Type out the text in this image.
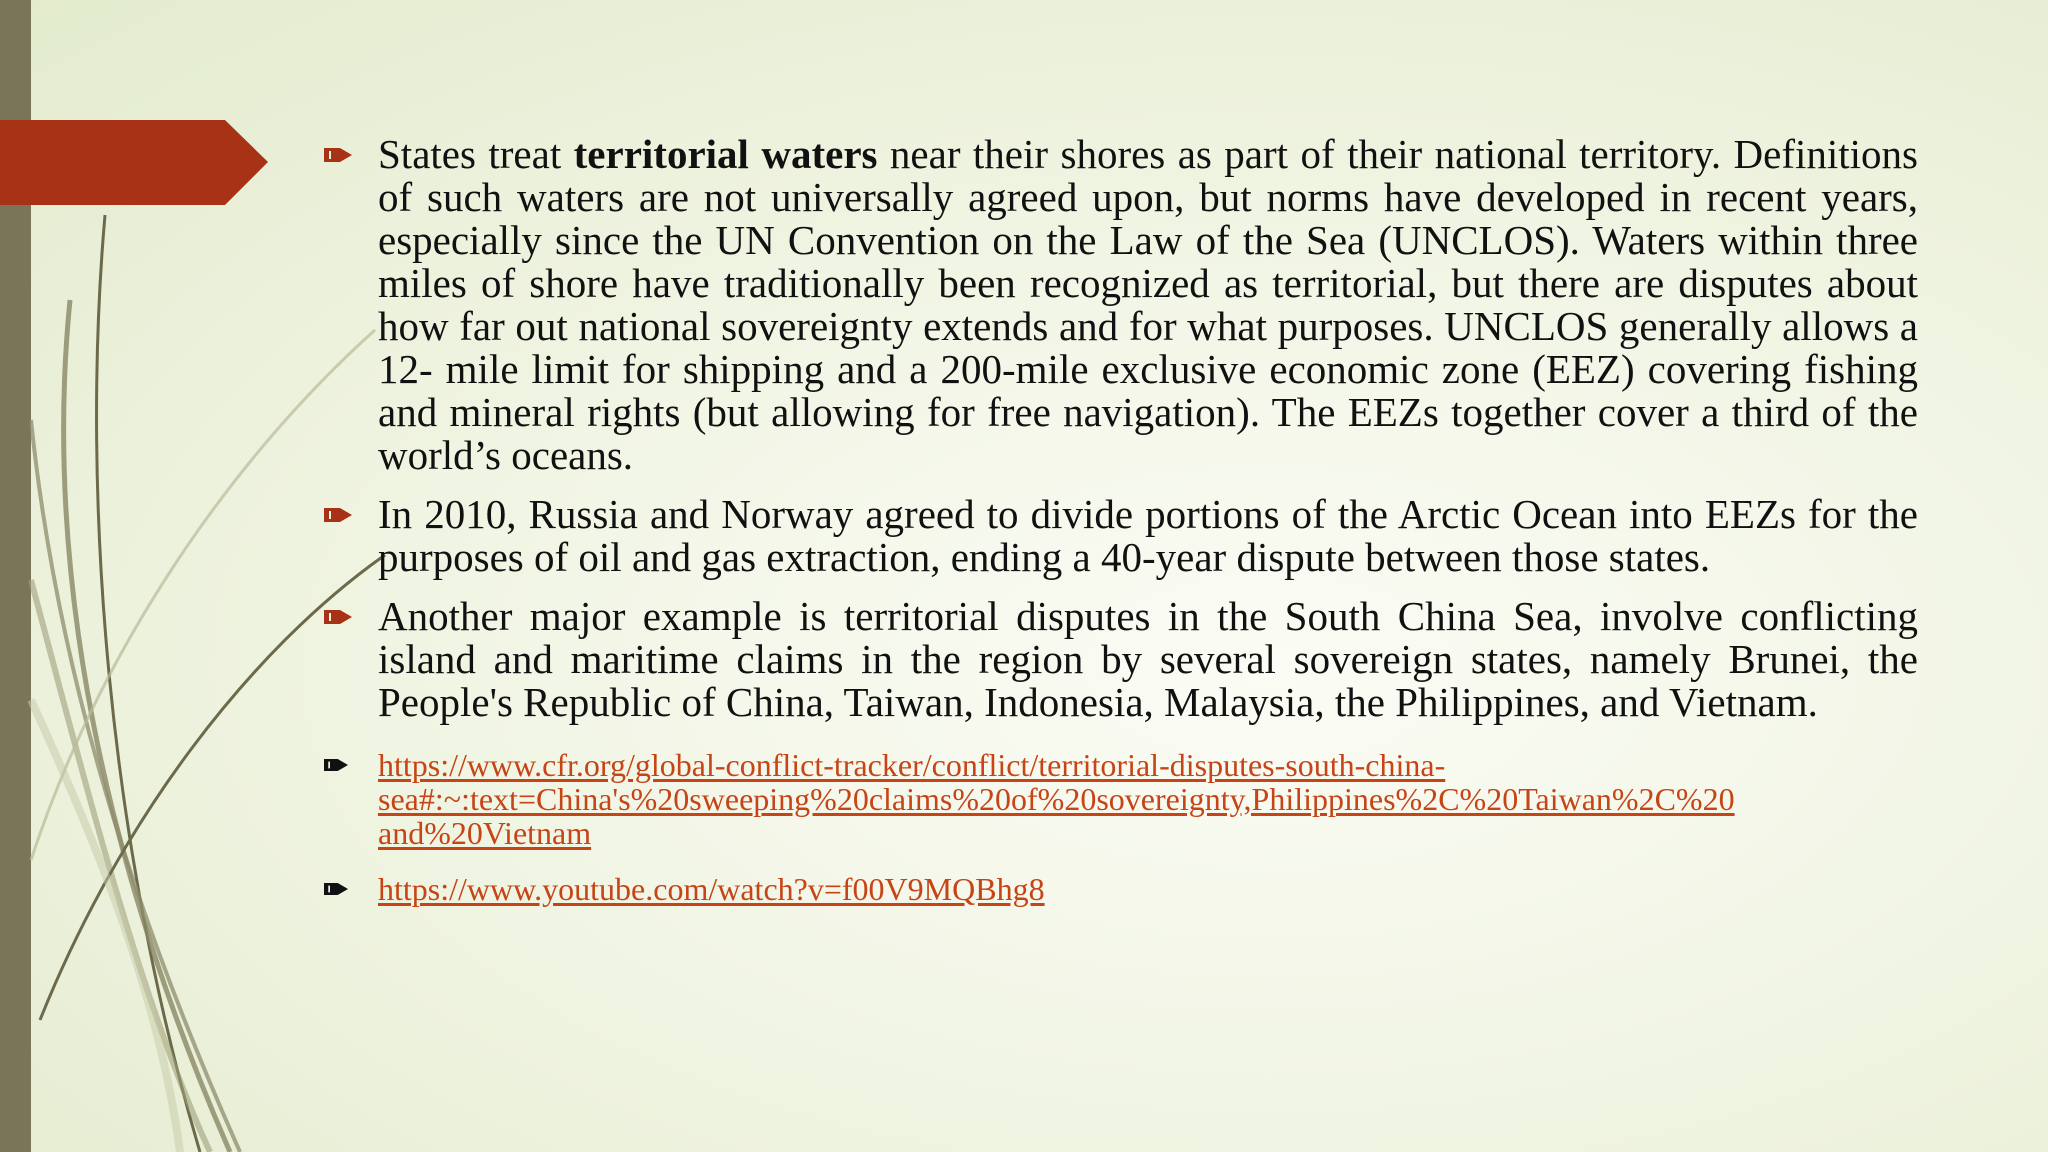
States treat territorial waters near their shores as part of their national territory. Definitions of such waters are not universally agreed upon, but norms have developed in recent years, especially since the UN Convention on the Law of the Sea (UNCLOS). Waters within three miles of shore have traditionally been recognized as territorial, but there are disputes about how far out national sovereignty extends and for what purposes. UNCLOS generally allows a 12- mile limit for shipping and a 200-mile exclusive economic zone (EEZ) covering fishing and mineral rights (but allowing for free navigation). The EEZs together cover a third of the world’s oceans.
In 2010, Russia and Norway agreed to divide portions of the Arctic Ocean into EEZs for the purposes of oil and gas extraction, ending a 40-year dispute between those states.
Another major example is territorial disputes in the South China Sea, involve conflicting island and maritime claims in the region by several sovereign states, namely Brunei, the People's Republic of China, Taiwan, Indonesia, Malaysia, the Philippines, and Vietnam.
https://www.cfr.org/global-conflict-tracker/conflict/territorial-disputes-south-china-
sea#:~:text=China's%20sweeping%20claims%20of%20sovereignty,Philippines%2C%20Taiwan%2C%20
and%20Vietnam
https://www.youtube.com/watch?v=f00V9MQBhg8
